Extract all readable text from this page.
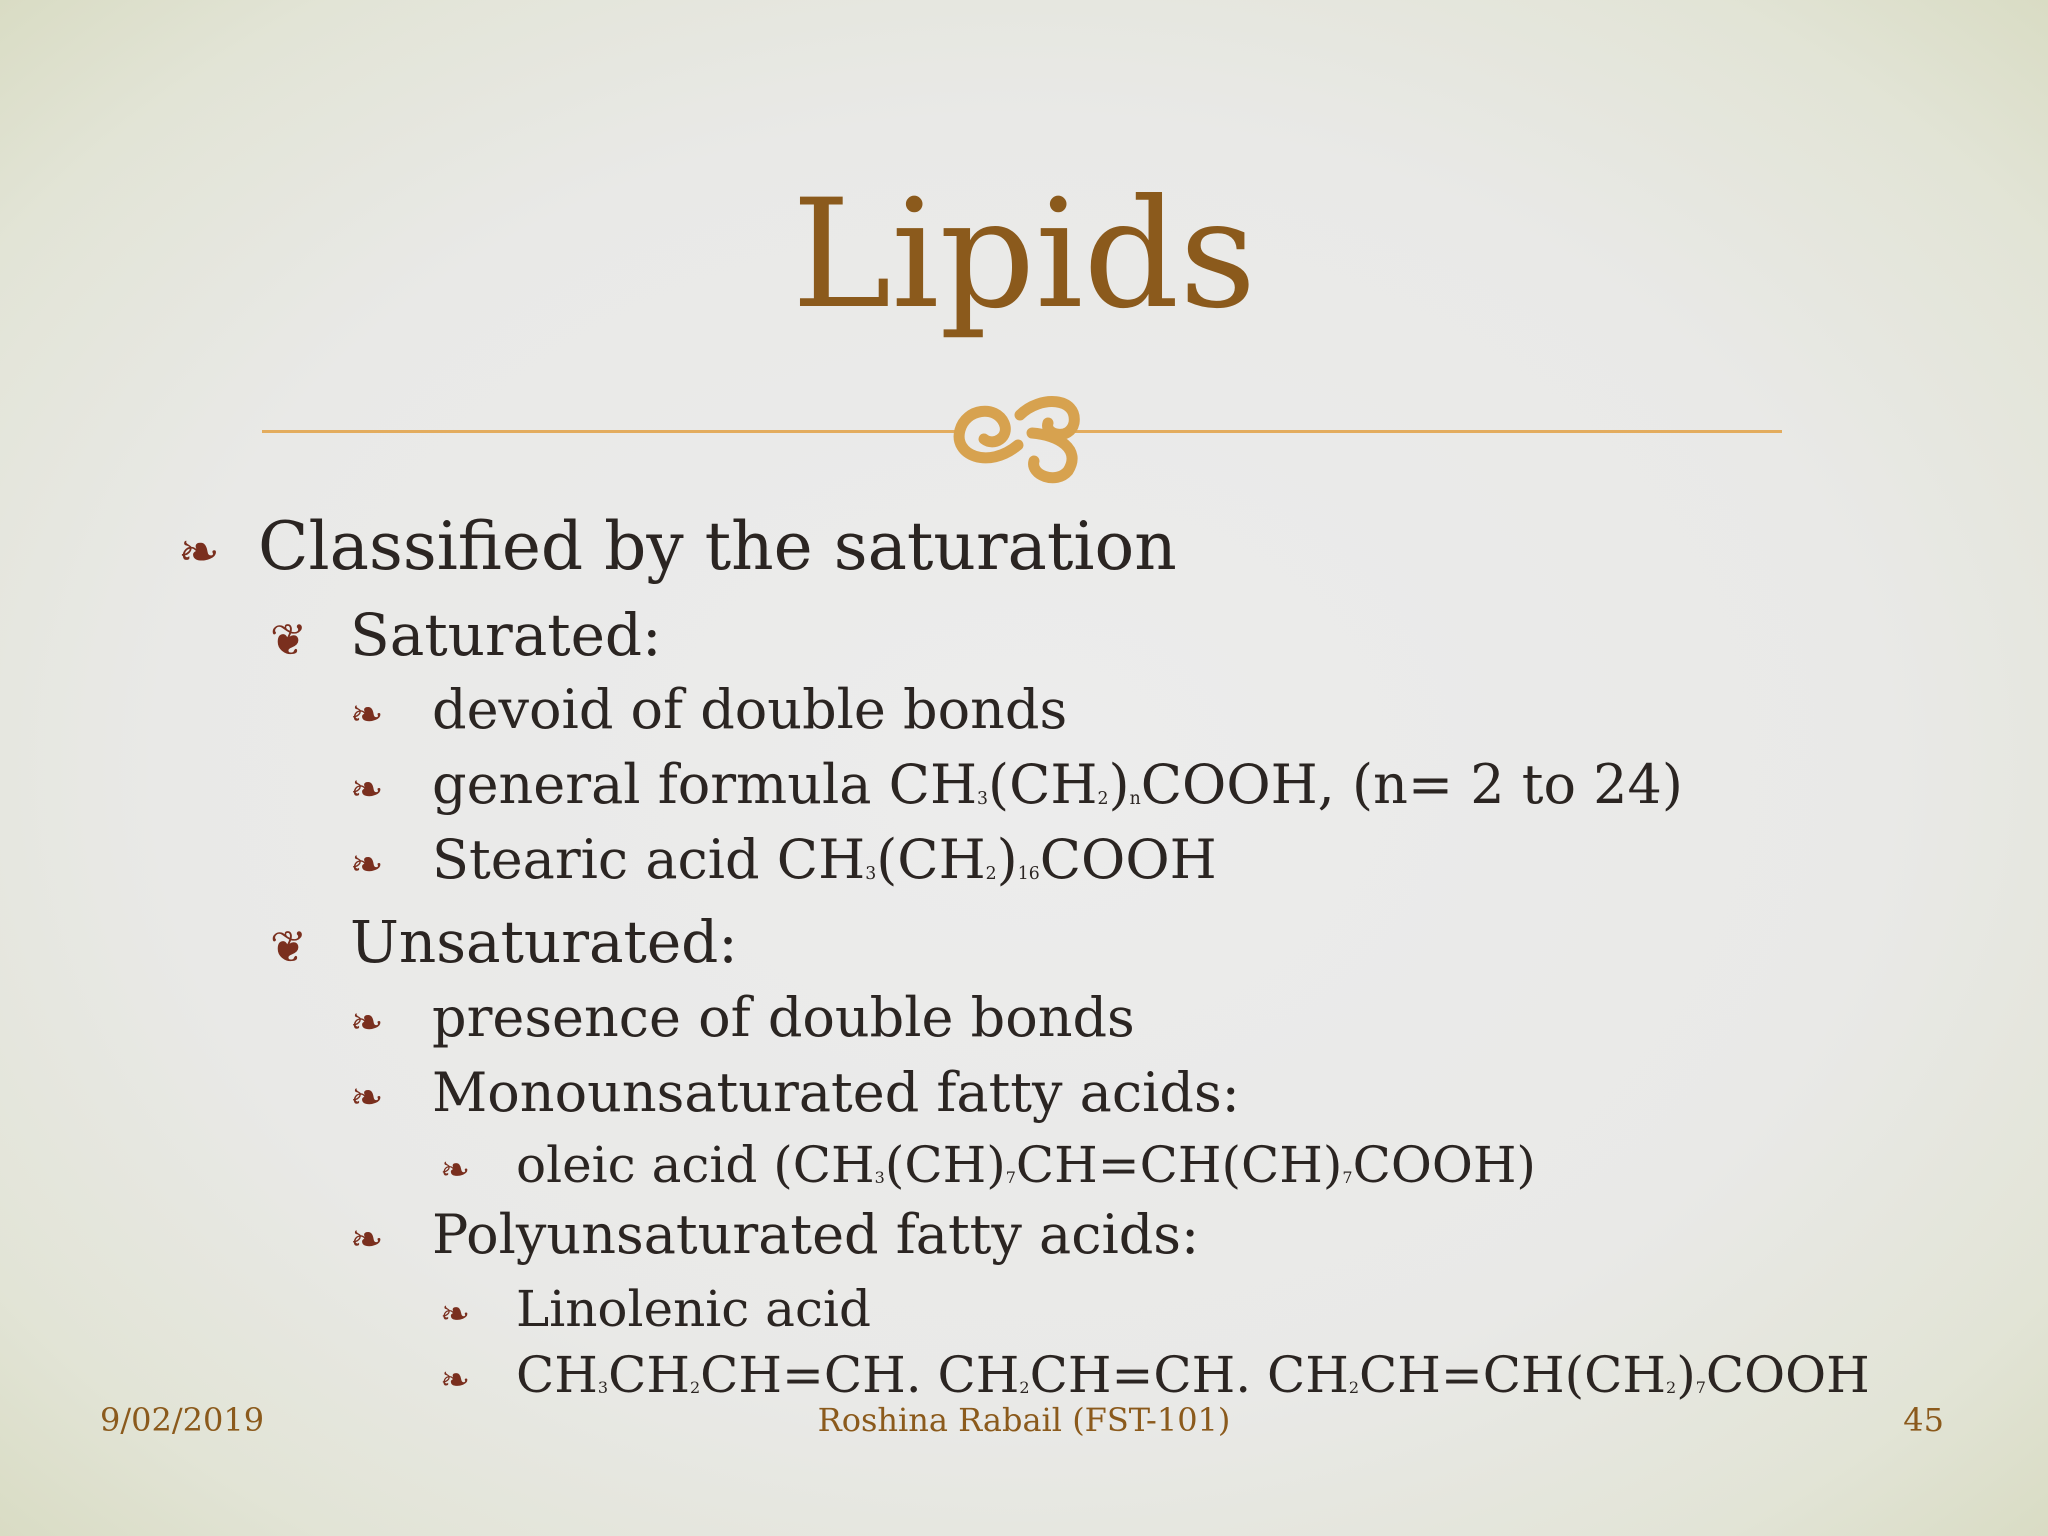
Lipids
❧ Classified by the saturation
❦ Saturated:
❧ devoid of double bonds
❧ general formula $CH_3(CH_2)_nCOOH$, (n= 2 to 24)
❧ Stearic acid $CH_3(CH_2)_{16}COOH$
❦ Unsaturated:
❧ presence of double bonds
❧ Monounsaturated fatty acids:
❧ oleic acid $(CH_3(CH)_7CH=CH(CH)_7COOH)$
❧ Polyunsaturated fatty acids:
❧ Linolenic acid
❧ $CH_3CH_2CH=CH$. $CH_2CH=CH$. $CH_2CH=CH(CH_2)_7COOH$
9/02/2019	Roshina Rabail (FST-101)	45
